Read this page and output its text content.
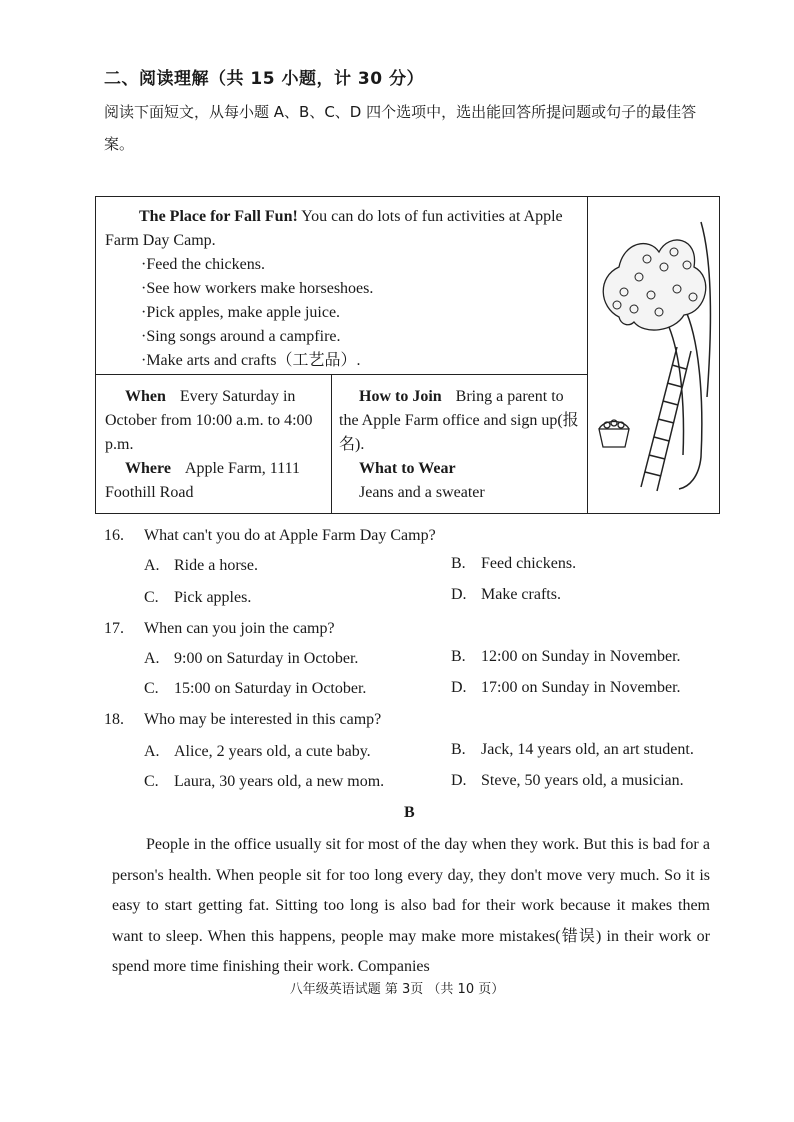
二、阅读理解（共 15 小题，计 30 分）
阅读下面短文，从每小题 A、B、C、D 四个选项中，选出能回答所提问题或句子的最佳答案。
The Place for Fall Fun! You can do lots of fun activities at Apple Farm Day Camp.
· Feed the chickens.
· See how workers make horseshoes.
· Pick apples, make apple juice.
· Sing songs around a campfire.
· Make arts and crafts（工艺品）.
When Every Saturday in October from 10:00 a.m. to 4:00 p.m.
Where Apple Farm, 1111 Foothill Road
How to Join Bring a parent to the Apple Farm office and sign up(报名).
What to Wear
Jeans and a sweater
16. What can't you do at Apple Farm Day Camp?
A. Ride a horse.	B. Feed chickens.
C. Pick apples.	D. Make crafts.
17. When can you join the camp?
A. 9:00 on Saturday in October.	B. 12:00 on Sunday in November.
C. 15:00 on Saturday in October.	D. 17:00 on Sunday in November.
18. Who may be interested in this camp?
A. Alice, 2 years old, a cute baby.	B. Jack, 14 years old, an art student.
C. Laura, 30 years old, a new mom.	D. Steve, 50 years old, a musician.
B

People in the office usually sit for most of the day when they work. But this is bad for a person's health. When people sit for too long every day, they don't move very much. So it is easy to start getting fat. Sitting too long is also bad for their work because it makes them want to sleep. When this happens, people may make more mistakes(错误) in their work or spend more time finishing their work. Companies

八年级英语试题 第 3页 （共 10 页）
